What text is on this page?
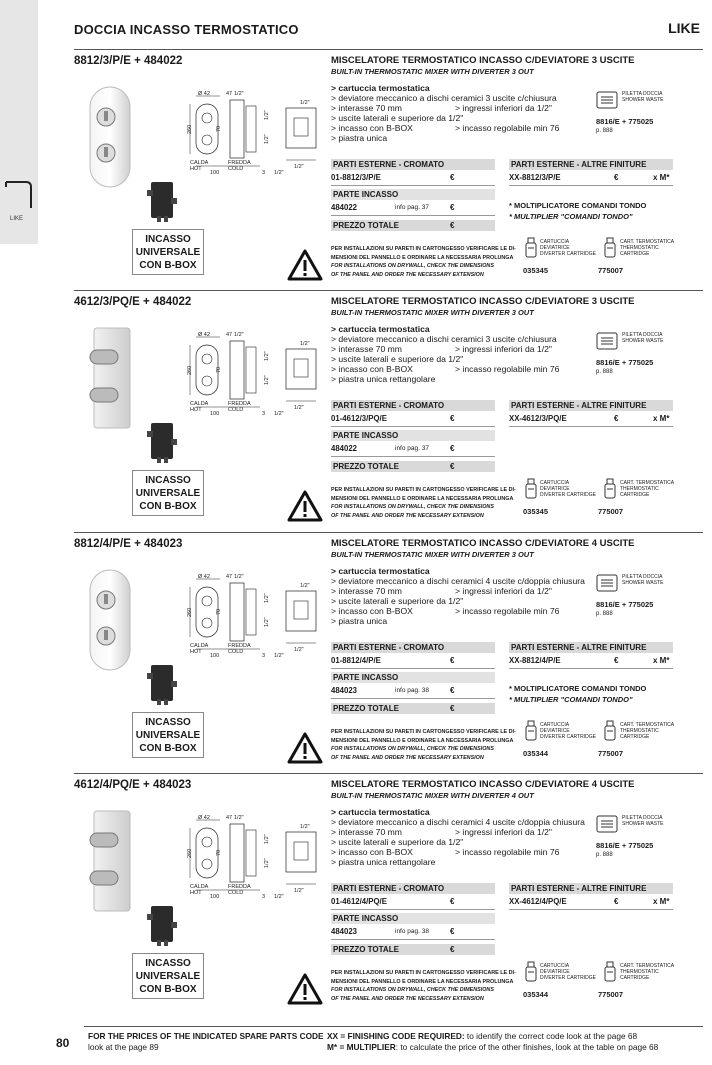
LIKE
DOCCIA INCASSO TERMOSTATICO	LIKE
8812/3/P/E + 484022
47 1/2"
Ø 42
260	70
1/2"
1/2"
CALDA
HOT
FREDDA
COLD
100	3 1/2"
1/2"
1/2"
INCASSO
UNIVERSALE
CON B-BOX
MISCELATORE TERMOSTATICO INCASSO C/DEVIATORE 3 USCITE
BUILT-IN THERMOSTATIC MIXER WITH DIVERTER 3 OUT
> cartuccia termostatica
> deviatore meccanico a dischi ceramici 3 uscite c/chiusura
> interasse 70 mm	> ingressi inferiori da 1/2"
> uscite laterali e superiore da 1/2"
> incasso con B-BOX	> incasso regolabile min 76
> piastra unica
PILETTA DOCCIA
SHOWER WASTE
8816/E + 775025
p. 888
PARTI ESTERNE - CROMATO
01-8812/3/P/E	€
PARTE INCASSO
484022	info pag. 37	€
PREZZO TOTALE	€
PARTI ESTERNE - ALTRE FINITURE
XX-8812/3/P/E	€	x M*
* MOLTIPLICATORE COMANDI TONDO
* MULTIPLIER "COMANDI TONDO"
PER INSTALLAZIONI SU PARETI IN CARTONGESSO VERIFICARE LE DI-
MENSIONI DEL PANNELLO E ORDINARE LA NECESSARIA PROLUNGA
FOR INSTALLATIONS ON DRYWALL, CHECK THE DIMENSIONS
OF THE PANEL AND ORDER THE NECESSARY EXTENSION
CARTUCCIA
DEVIATRICE
DIVERTER CARTRIDGE
035345
CART. TERMOSTATICA
THERMOSTATIC
CARTRIDGE
775007
4612/3/PQ/E + 484022
47 1/2"
Ø 42
260	70
1/2"
1/2"
CALDA
HOT
FREDDA
COLD
100	3 1/2"
1/2"
1/2"
INCASSO
UNIVERSALE
CON B-BOX
MISCELATORE TERMOSTATICO INCASSO C/DEVIATORE 3 USCITE
BUILT-IN THERMOSTATIC MIXER WITH DIVERTER 3 OUT
> cartuccia termostatica
> deviatore meccanico a dischi ceramici 3 uscite c/chiusura
> interasse 70 mm	> ingressi inferiori da 1/2"
> uscite laterali e superiore da 1/2"
> incasso con B-BOX	> incasso regolabile min 76
> piastra unica rettangolare
PILETTA DOCCIA
SHOWER WASTE
8816/E + 775025
p. 888
PARTI ESTERNE - CROMATO
01-4612/3/PQ/E	€
PARTE INCASSO
484022	info pag. 37	€
PREZZO TOTALE	€
PARTI ESTERNE - ALTRE FINITURE
XX-4612/3/PQ/E	€	x M*
PER INSTALLAZIONI SU PARETI IN CARTONGESSO VERIFICARE LE DI-
MENSIONI DEL PANNELLO E ORDINARE LA NECESSARIA PROLUNGA
FOR INSTALLATIONS ON DRYWALL, CHECK THE DIMENSIONS
OF THE PANEL AND ORDER THE NECESSARY EXTENSION
CARTUCCIA
DEVIATRICE
DIVERTER CARTRIDGE
035345
CART. TERMOSTATICA
THERMOSTATIC
CARTRIDGE
775007
8812/4/P/E + 484023
47 1/2"
Ø 42
260	70
1/2"
1/2"
CALDA
HOT
FREDDA
COLD
100	3 1/2"
1/2"
1/2"
INCASSO
UNIVERSALE
CON B-BOX
MISCELATORE TERMOSTATICO INCASSO C/DEVIATORE 4 USCITE
BUILT-IN THERMOSTATIC MIXER WITH DIVERTER 3 OUT
> cartuccia termostatica
> deviatore meccanico a dischi ceramici 4 uscite c/doppia chiusura
> interasse 70 mm	> ingressi inferiori da 1/2"
> uscite laterali e superiore da 1/2"
> incasso con B-BOX	> incasso regolabile min 76
> piastra unica
PILETTA DOCCIA
SHOWER WASTE
8816/E + 775025
p. 888
PARTI ESTERNE - CROMATO
01-8812/4/P/E	€
PARTE INCASSO
484023	info pag. 38	€
PREZZO TOTALE	€
PARTI ESTERNE - ALTRE FINITURE
XX-8812/4/P/E	€	x M*
* MOLTIPLICATORE COMANDI TONDO
* MULTIPLIER "COMANDI TONDO"
PER INSTALLAZIONI SU PARETI IN CARTONGESSO VERIFICARE LE DI-
MENSIONI DEL PANNELLO E ORDINARE LA NECESSARIA PROLUNGA
FOR INSTALLATIONS ON DRYWALL, CHECK THE DIMENSIONS
OF THE PANEL AND ORDER THE NECESSARY EXTENSION
CARTUCCIA
DEVIATRICE
DIVERTER CARTRIDGE
035344
CART. TERMOSTATICA
THERMOSTATIC
CARTRIDGE
775007
4612/4/PQ/E + 484023
47 1/2"
Ø 42
260	70
1/2"
1/2"
CALDA
HOT
FREDDA
COLD
100	3 1/2"
1/2"
1/2"
INCASSO
UNIVERSALE
CON B-BOX
MISCELATORE TERMOSTATICO INCASSO C/DEVIATORE 4 USCITE
BUILT-IN THERMOSTATIC MIXER WITH DIVERTER 4 OUT
> cartuccia termostatica
> deviatore meccanico a dischi ceramici 4 uscite c/doppia chiusura
> interasse 70 mm	> ingressi inferiori da 1/2"
> uscite laterali e superiore da 1/2"
> incasso con B-BOX	> incasso regolabile min 76
> piastra unica rettangolare
PILETTA DOCCIA
SHOWER WASTE
8816/E + 775025
p. 888
PARTI ESTERNE - CROMATO
01-4612/4/PQ/E	€
PARTE INCASSO
484023	info pag. 38	€
PREZZO TOTALE	€
PARTI ESTERNE - ALTRE FINITURE
XX-4612/4/PQ/E	€	x M*
PER INSTALLAZIONI SU PARETI IN CARTONGESSO VERIFICARE LE DI-
MENSIONI DEL PANNELLO E ORDINARE LA NECESSARIA PROLUNGA
FOR INSTALLATIONS ON DRYWALL, CHECK THE DIMENSIONS
OF THE PANEL AND ORDER THE NECESSARY EXTENSION
CARTUCCIA
DEVIATRICE
DIVERTER CARTRIDGE
035344
CART. TERMOSTATICA
THERMOSTATIC
CARTRIDGE
775007
80 FOR THE PRICES OF THE INDICATED SPARE PARTS CODE
look at the page 89
XX = FINISHING CODE REQUIRED: to identify the correct code look at the page 68
M* = MULTIPLIER: to calculate the price of the other finishes, look at the table on page 68
